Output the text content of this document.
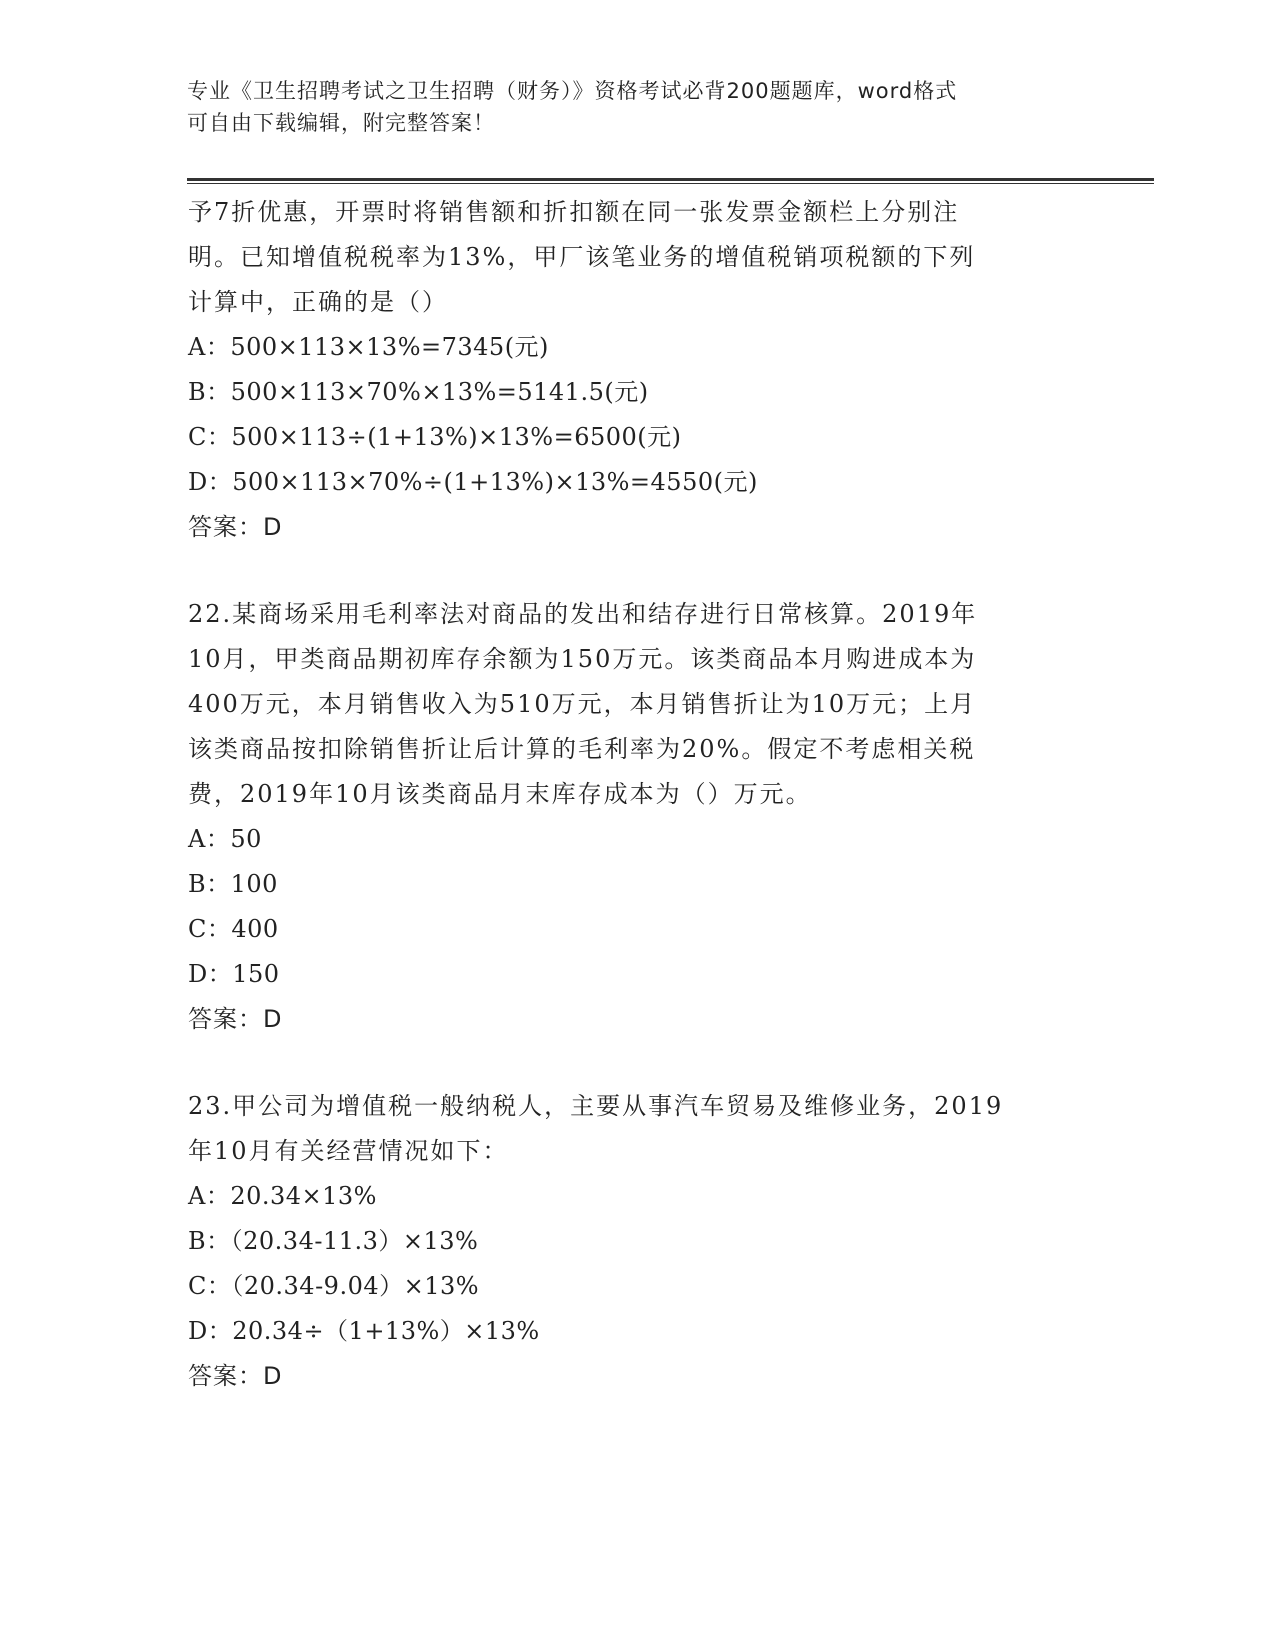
专业《卫生招聘考试之卫生招聘（财务）》资格考试必背200题题库，word格式
可自由下载编辑，附完整答案！
予7折优惠，开票时将销售额和折扣额在同一张发票金额栏上分别注
明。已知增值税税率为13%，甲厂该笔业务的增值税销项税额的下列
计算中，正确的是（）
A：500×113×13%=7345(元)
B：500×113×70%×13%=5141.5(元)
C：500×113÷(1+13%)×13%=6500(元)
D：500×113×70%÷(1+13%)×13%=4550(元)
答案：D
22.某商场采用毛利率法对商品的发出和结存进行日常核算。2019年
10月，甲类商品期初库存余额为150万元。该类商品本月购进成本为
400万元，本月销售收入为510万元，本月销售折让为10万元；上月
该类商品按扣除销售折让后计算的毛利率为20%。假定不考虑相关税
费，2019年10月该类商品月末库存成本为（）万元。
A：50
B：100
C：400
D：150
答案：D
23.甲公司为增值税一般纳税人，主要从事汽车贸易及维修业务，2019
年10月有关经营情况如下：
A：20.34×13%
B：（20.34-11.3）×13%
C：（20.34-9.04）×13%
D：20.34÷（1+13%）×13%
答案：D
